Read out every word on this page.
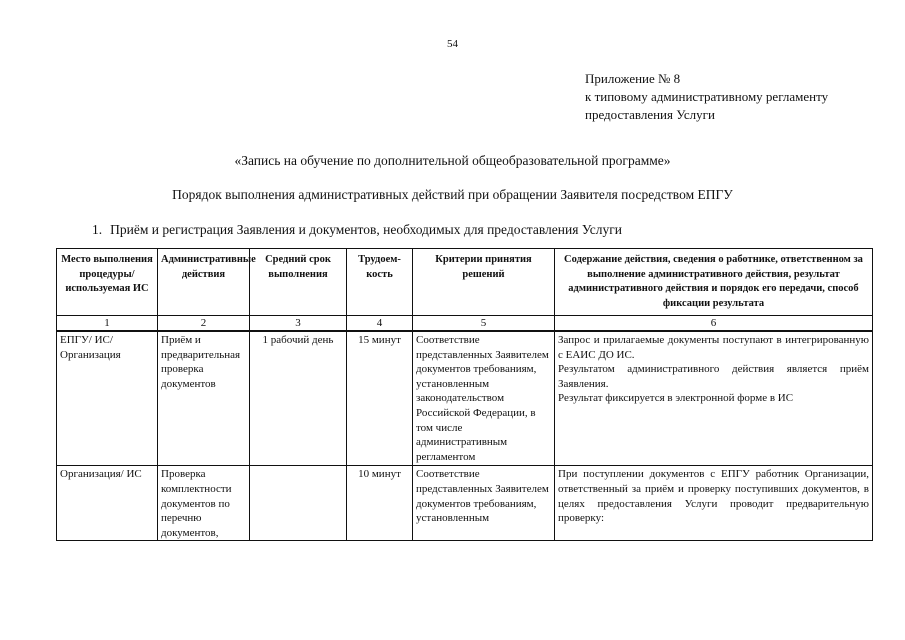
54
Приложение № 8
к типовому административному регламенту
предоставления Услуги
«Запись на обучение по дополнительной общеобразовательной программе»
Порядок выполнения административных действий при обращении Заявителя посредством ЕПГУ
1. Приём и регистрация Заявления и документов, необходимых для предоставления Услуги
Место выполнения процедуры/ используемая ИС	Административные действия	Средний срок выполнения	Трудоем- кость	Критерии принятия решений	Содержание действия, сведения о работнике, ответственном за выполнение административного действия, результат административного действия и порядок его передачи, способ фиксации результата
1	2	3	4	5	6
ЕПГУ/ ИС/Организация	Приём и предварительная проверка документов	1 рабочий день	15 минут	Соответствие представленных Заявителем документов требованиям, установленным законодательством Российской Федерации, в том числе административным регламентом	Запрос и прилагаемые документы поступают в интегрированную с ЕАИС ДО ИС.
Результатом административного действия является приём Заявления.
Результат фиксируется в электронной форме в ИС

Организация/ ИС	Проверка комплектности документов по перечню документов,		10 минут	Соответствие представленных Заявителем документов требованиям, установленным	При поступлении документов с ЕПГУ работник Организации, ответственный за приём и проверку поступивших документов, в целях предоставления Услуги проводит предварительную проверку:
